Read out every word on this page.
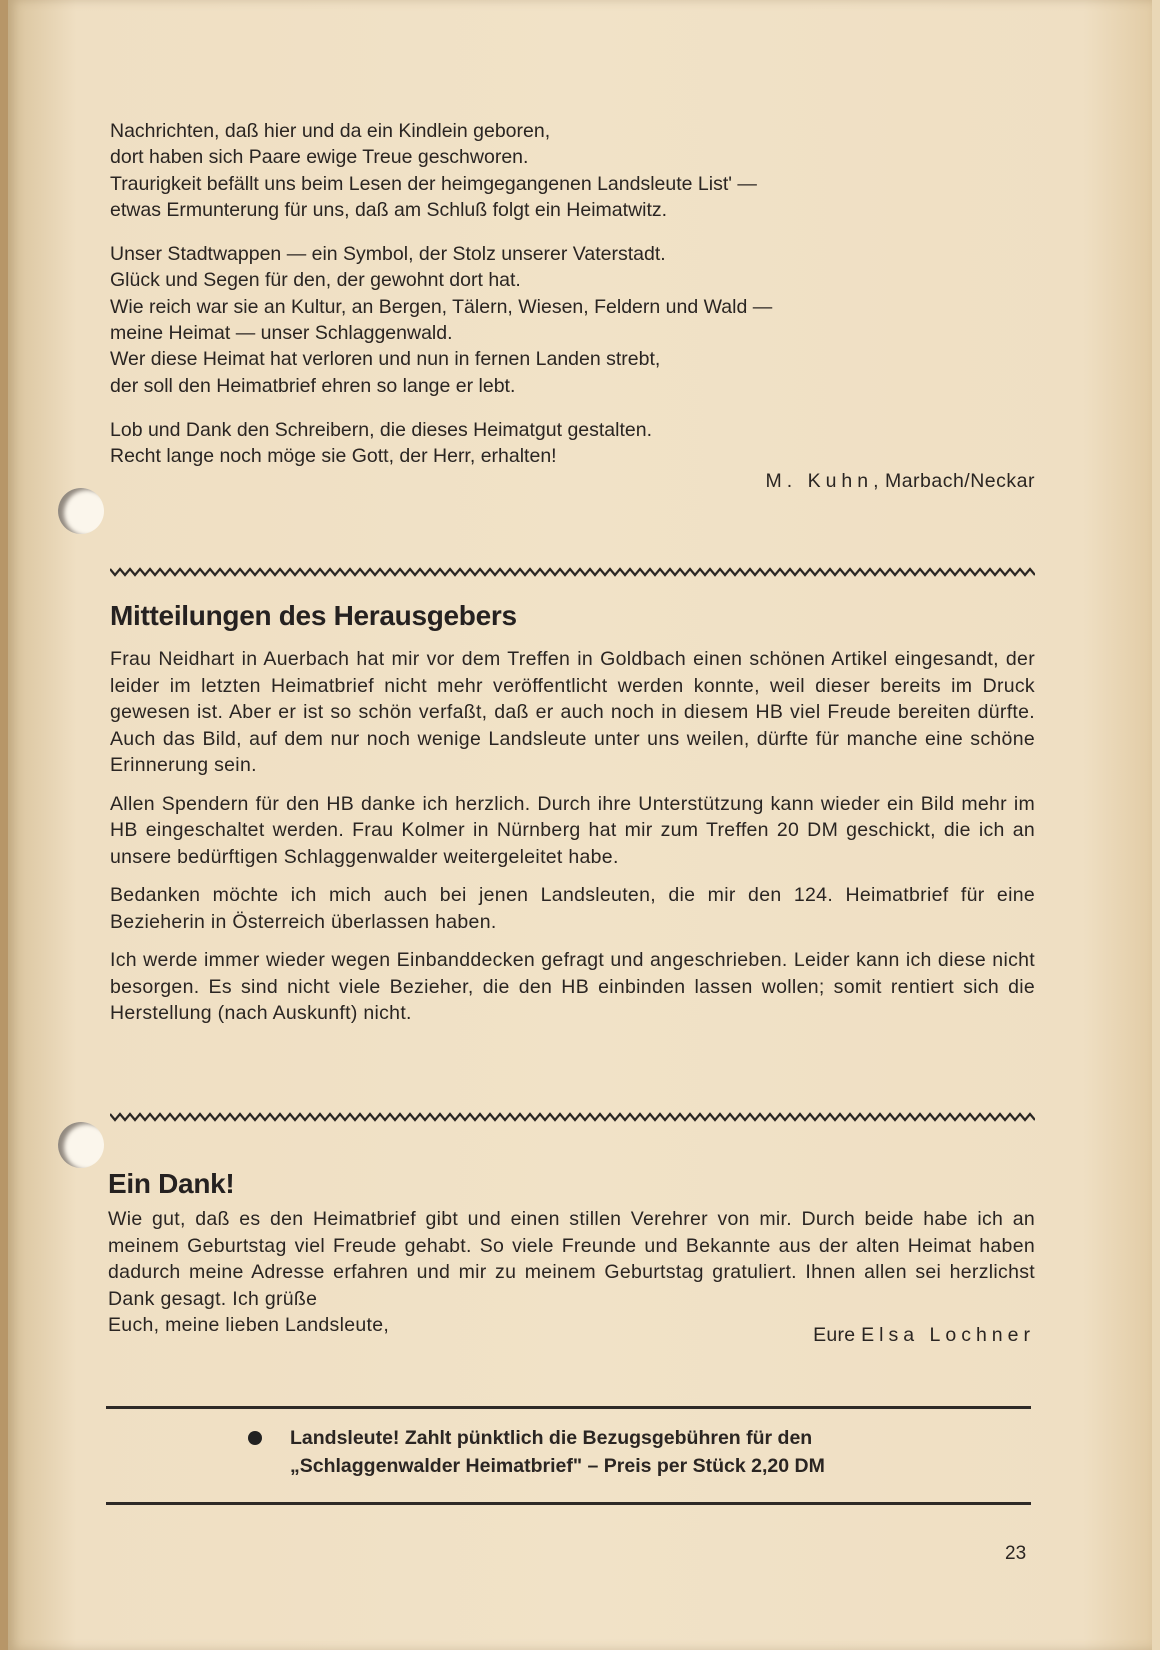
Nachrichten, daß hier und da ein Kindlein geboren,

dort haben sich Paare ewige Treue geschworen.

Traurigkeit befällt uns beim Lesen der heimgegangenen Landsleute List' —

etwas Ermunterung für uns, daß am Schluß folgt ein Heimatwitz.

Unser Stadtwappen — ein Symbol, der Stolz unserer Vaterstadt.

Glück und Segen für den, der gewohnt dort hat.

Wie reich war sie an Kultur, an Bergen, Tälern, Wiesen, Feldern und Wald —

meine Heimat — unser Schlaggenwald.

Wer diese Heimat hat verloren und nun in fernen Landen strebt,

der soll den Heimatbrief ehren so lange er lebt.

Lob und Dank den Schreibern, die dieses Heimatgut gestalten.

Recht lange noch möge sie Gott, der Herr, erhalten!

M. Kuhn, Marbach/Neckar
Mitteilungen des Herausgebers

Frau Neidhart in Auerbach hat mir vor dem Treffen in Goldbach einen schönen Artikel eingesandt, der leider im letzten Heimatbrief nicht mehr veröffentlicht werden konnte, weil dieser bereits im Druck gewesen ist. Aber er ist so schön verfaßt, daß er auch noch in diesem HB viel Freude bereiten dürfte. Auch das Bild, auf dem nur noch wenige Landsleute unter uns weilen, dürfte für manche eine schöne Erinnerung sein.

Allen Spendern für den HB danke ich herzlich. Durch ihre Unterstützung kann wieder ein Bild mehr im HB eingeschaltet werden. Frau Kolmer in Nürnberg hat mir zum Treffen 20 DM geschickt, die ich an unsere bedürftigen Schlaggenwalder weitergeleitet habe.

Bedanken möchte ich mich auch bei jenen Landsleuten, die mir den 124. Heimatbrief für eine Bezieherin in Österreich überlassen haben.

Ich werde immer wieder wegen Einbanddecken gefragt und angeschrieben. Leider kann ich diese nicht besorgen. Es sind nicht viele Bezieher, die den HB einbinden lassen wollen; somit rentiert sich die Herstellung (nach Auskunft) nicht.

Ein Dank!

Wie gut, daß es den Heimatbrief gibt und einen stillen Verehrer von mir. Durch beide habe ich an meinem Geburtstag viel Freude gehabt. So viele Freunde und Bekannte aus der alten Heimat haben dadurch meine Adresse erfahren und mir zu meinem Geburtstag gratuliert. Ihnen allen sei herzlichst Dank gesagt. Ich grüße

Euch, meine lieben Landsleute,	Eure Elsa Lochner

Landsleute! Zahlt pünktlich die Bezugsgebühren für den

„Schlaggenwalder Heimatbrief" – Preis per Stück 2,20 DM

23
